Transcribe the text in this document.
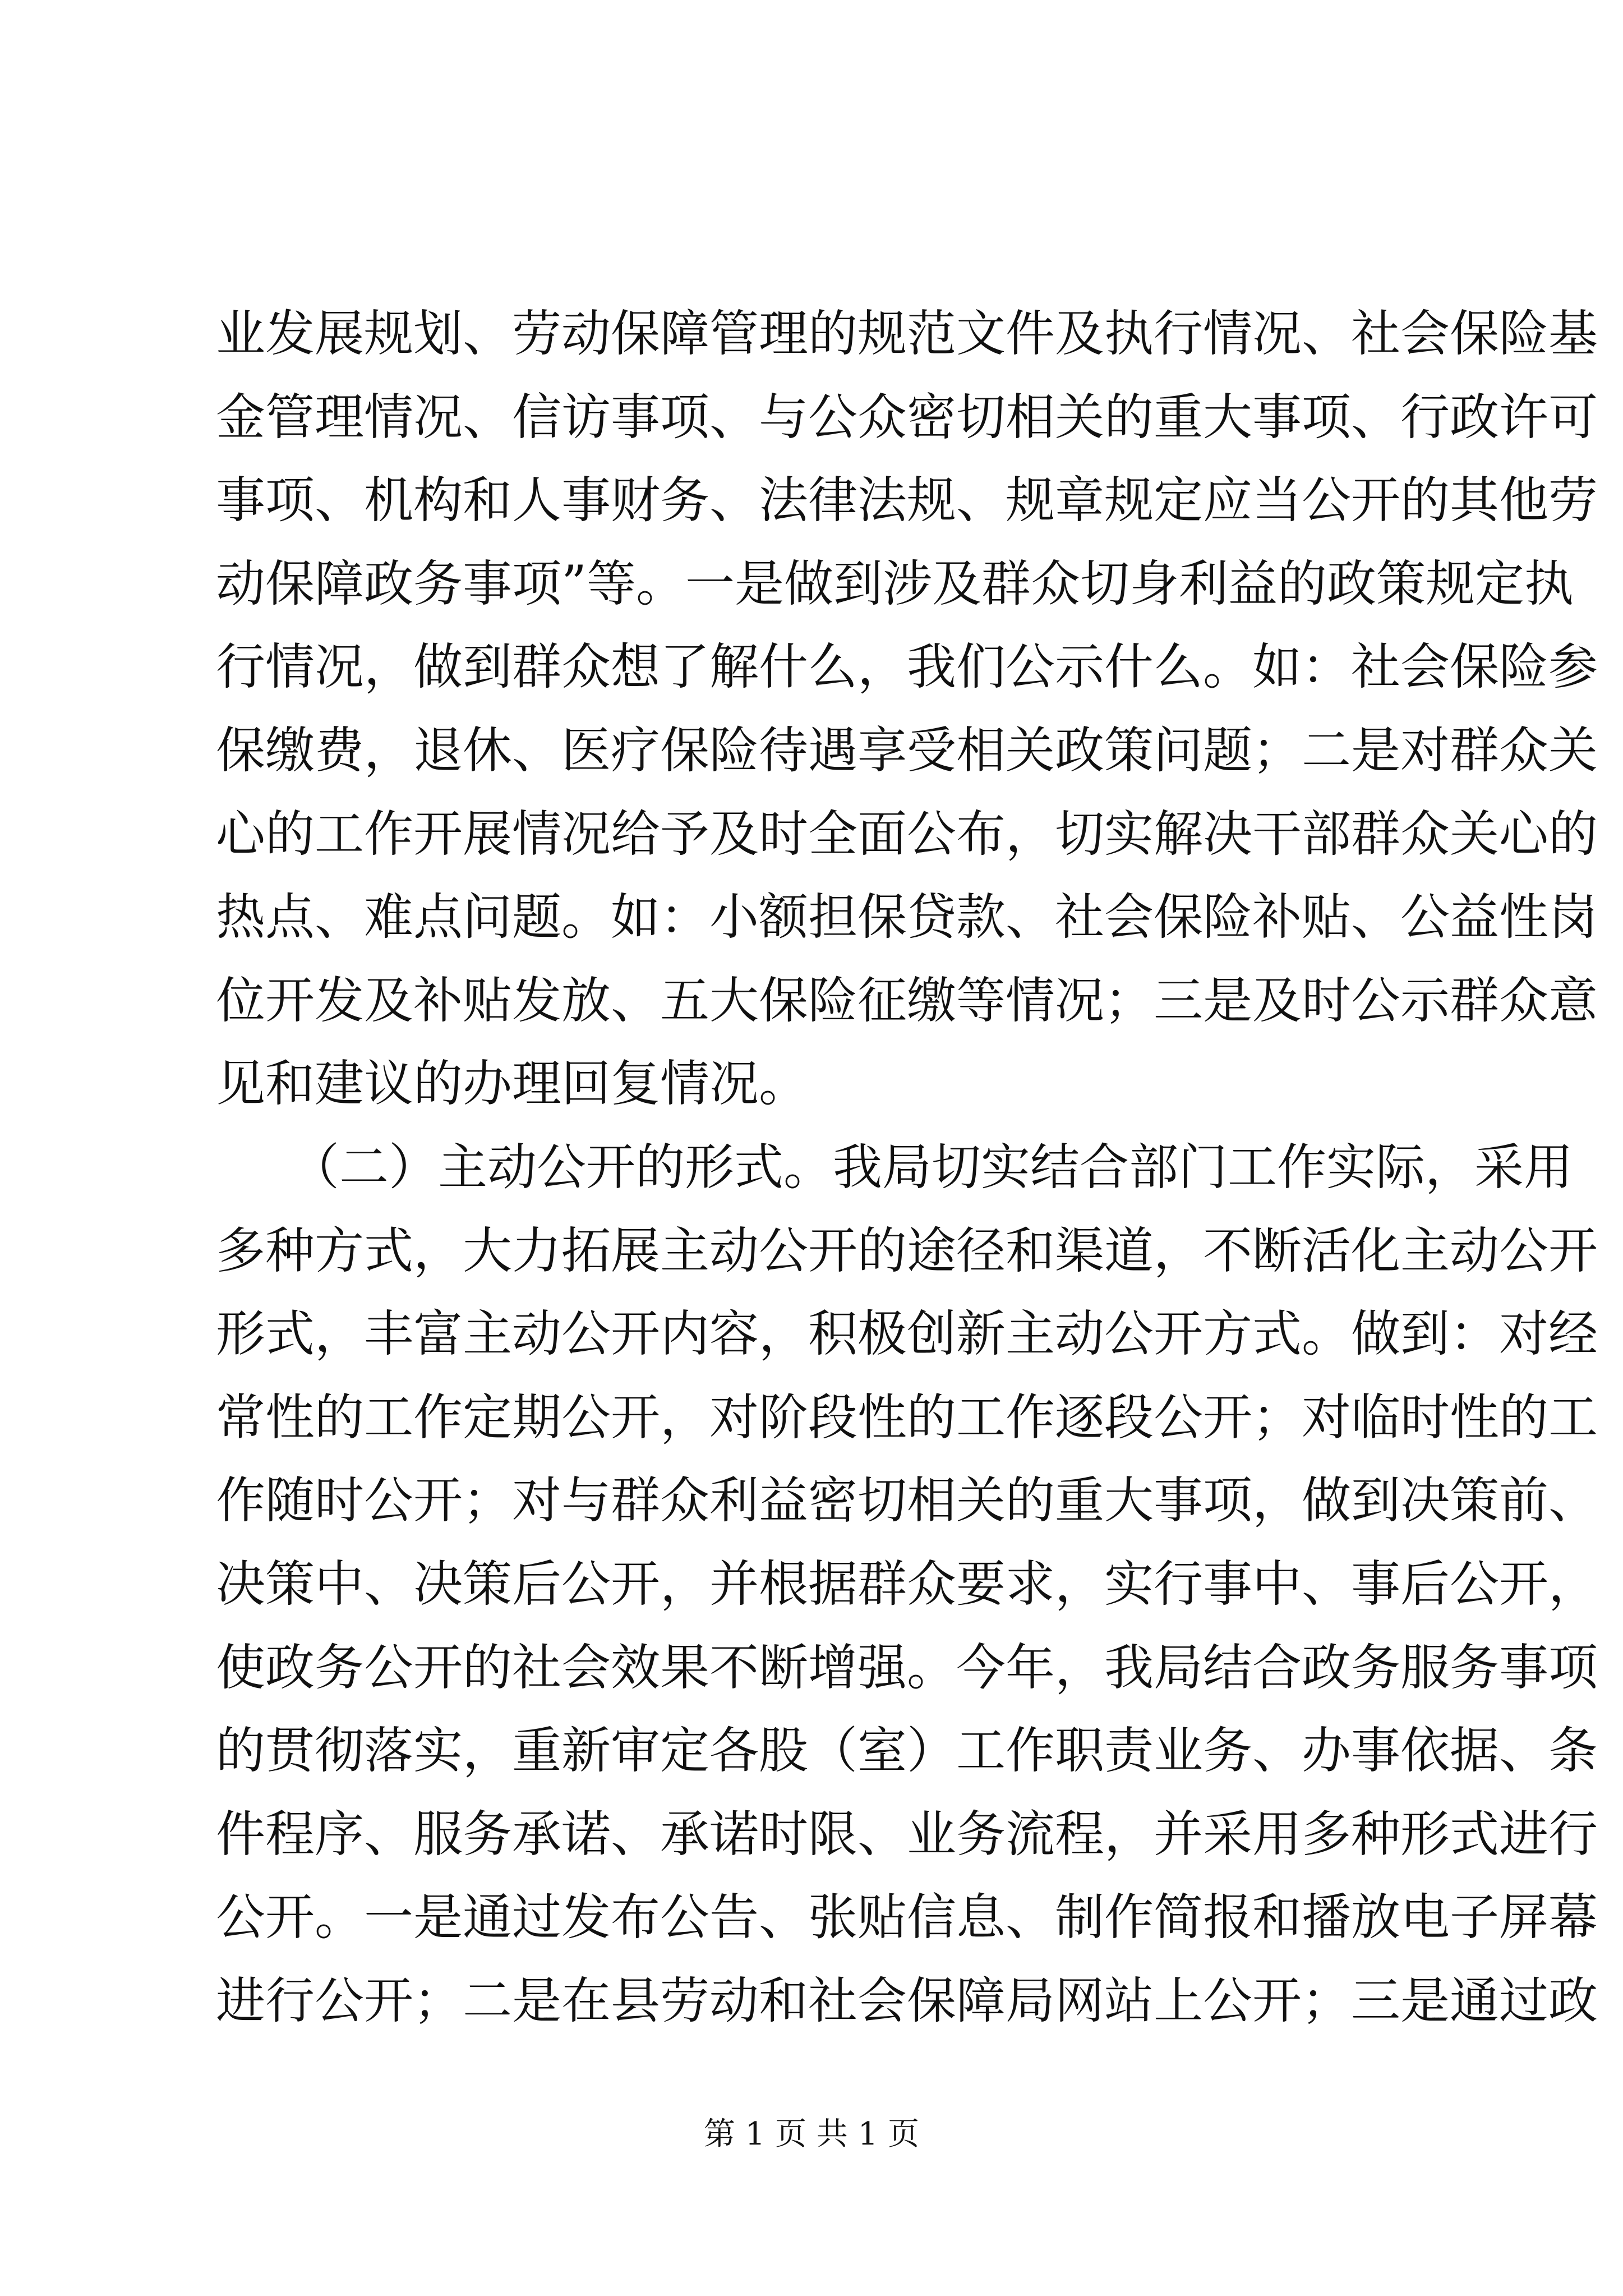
业发展规划、劳动保障管理的规范文件及执行情况、社会保险基
金管理情况、信访事项、与公众密切相关的重大事项、行政许可
事项、机构和人事财务、法律法规、规章规定应当公开的其他劳
动保障政务事项”等。一是做到涉及群众切身利益的政策规定执
行情况，做到群众想了解什么，我们公示什么。如：社会保险参
保缴费，退休、医疗保险待遇享受相关政策问题；二是对群众关
心的工作开展情况给予及时全面公布，切实解决干部群众关心的
热点、难点问题。如：小额担保贷款、社会保险补贴、公益性岗
位开发及补贴发放、五大保险征缴等情况；三是及时公示群众意
见和建议的办理回复情况。
　　（二）主动公开的形式。我局切实结合部门工作实际，采用
多种方式，大力拓展主动公开的途径和渠道，不断活化主动公开
形式，丰富主动公开内容，积极创新主动公开方式。做到：对经
常性的工作定期公开，对阶段性的工作逐段公开；对临时性的工
作随时公开；对与群众利益密切相关的重大事项，做到决策前、
决策中、决策后公开，并根据群众要求，实行事中、事后公开，
使政务公开的社会效果不断增强。今年，我局结合政务服务事项
的贯彻落实，重新审定各股（室）工作职责业务、办事依据、条
件程序、服务承诺、承诺时限、业务流程，并采用多种形式进行
公开。一是通过发布公告、张贴信息、制作简报和播放电子屏幕
进行公开；二是在县劳动和社会保障局网站上公开；三是通过政
第 1 页 共 1 页
